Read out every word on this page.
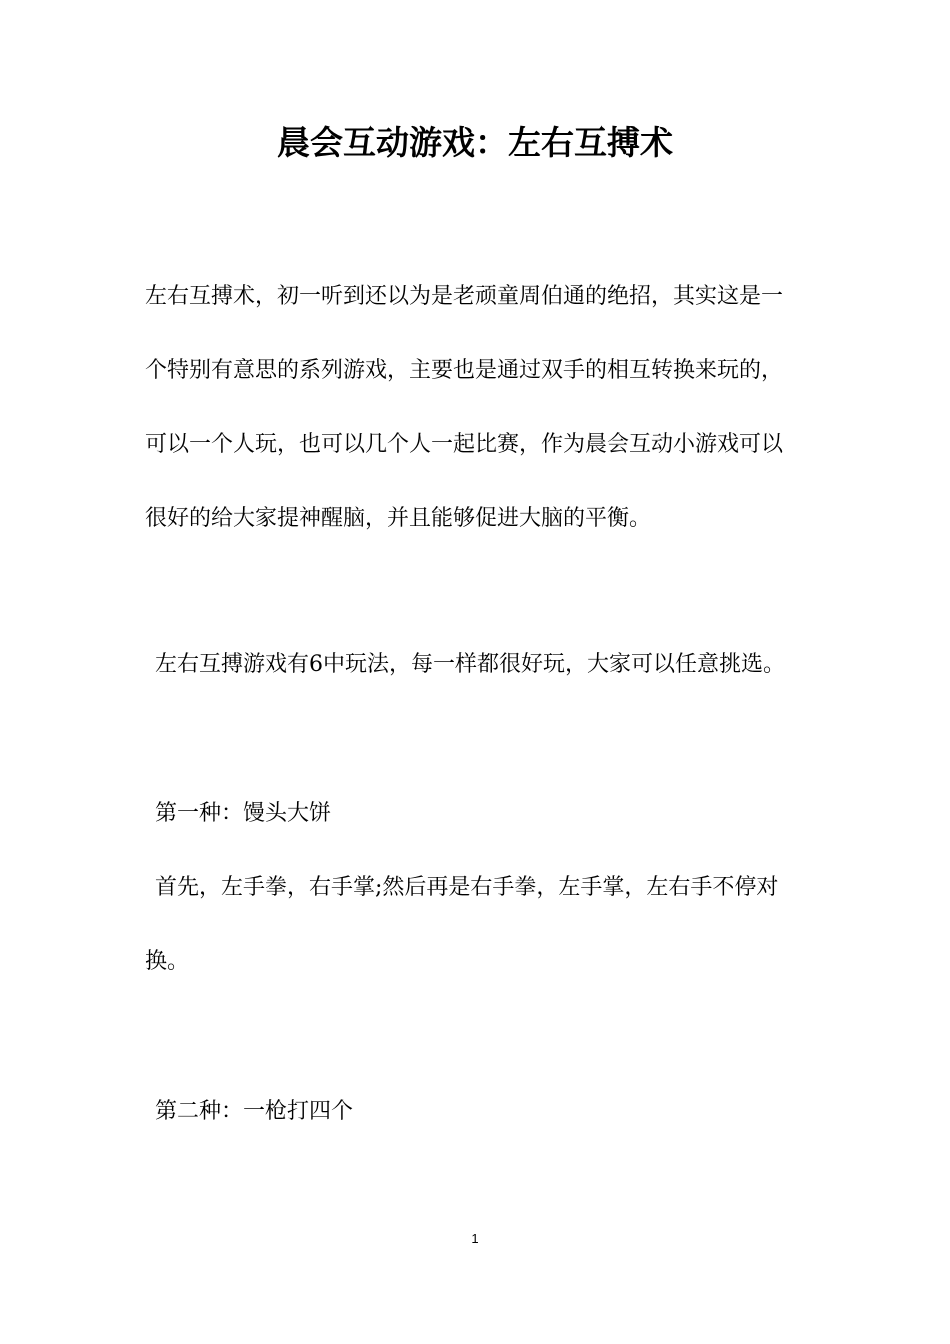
晨会互动游戏：左右互搏术
左右互搏术，初一听到还以为是老顽童周伯通的绝招，其实这是一
个特别有意思的系列游戏，主要也是通过双手的相互转换来玩的，
可以一个人玩，也可以几个人一起比赛，作为晨会互动小游戏可以
很好的给大家提神醒脑，并且能够促进大脑的平衡。
左右互搏游戏有6中玩法，每一样都很好玩，大家可以任意挑选。
第一种：馒头大饼
首先，左手拳，右手掌;然后再是右手拳，左手掌，左右手不停对
换。
第二种：一枪打四个
1
